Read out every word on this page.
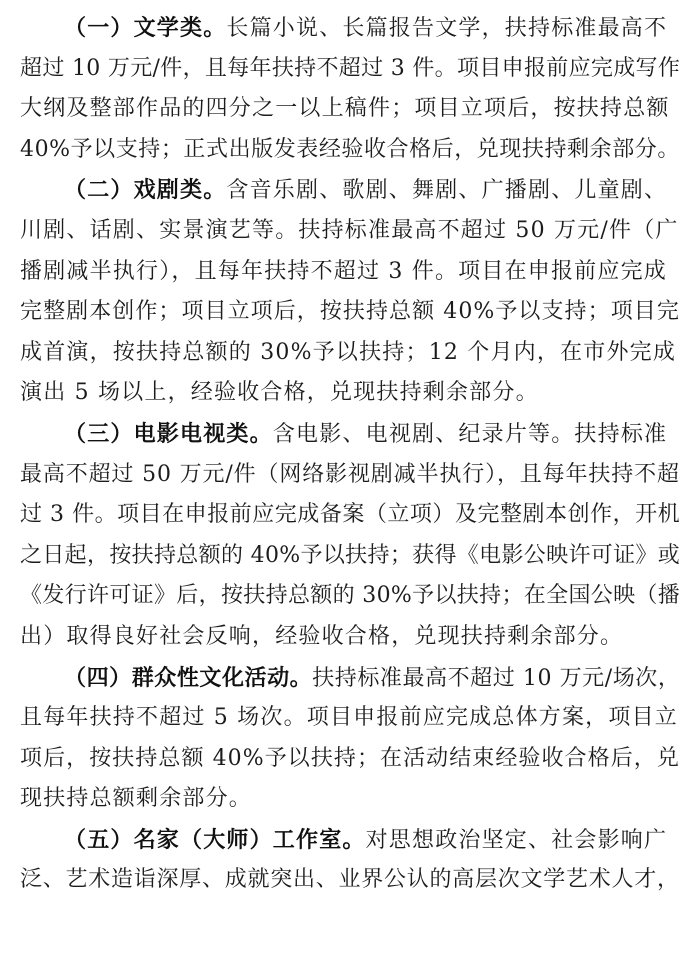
（一）文学类。长篇小说、长篇报告文学，扶持标准最高不
超过 10 万元/件，且每年扶持不超过 3 件。项目申报前应完成写作
大纲及整部作品的四分之一以上稿件；项目立项后，按扶持总额
40%予以支持；正式出版发表经验收合格后，兑现扶持剩余部分。
（二）戏剧类。含音乐剧、歌剧、舞剧、广播剧、儿童剧、
川剧、话剧、实景演艺等。扶持标准最高不超过 50 万元/件（广
播剧减半执行），且每年扶持不超过 3 件。项目在申报前应完成
完整剧本创作；项目立项后，按扶持总额 40%予以支持；项目完
成首演，按扶持总额的 30%予以扶持；12 个月内，在市外完成
演出 5 场以上，经验收合格，兑现扶持剩余部分。
（三）电影电视类。含电影、电视剧、纪录片等。扶持标准
最高不超过 50 万元/件（网络影视剧减半执行），且每年扶持不超
过 3 件。项目在申报前应完成备案（立项）及完整剧本创作，开机
之日起，按扶持总额的 40%予以扶持；获得《电影公映许可证》或
《发行许可证》后，按扶持总额的 30%予以扶持；在全国公映（播
出）取得良好社会反响，经验收合格，兑现扶持剩余部分。
（四）群众性文化活动。扶持标准最高不超过 10 万元/场次，
且每年扶持不超过 5 场次。项目申报前应完成总体方案，项目立
项后，按扶持总额 40%予以扶持；在活动结束经验收合格后，兑
现扶持总额剩余部分。
（五）名家（大师）工作室。对思想政治坚定、社会影响广
泛、艺术造诣深厚、成就突出、业界公认的高层次文学艺术人才，
